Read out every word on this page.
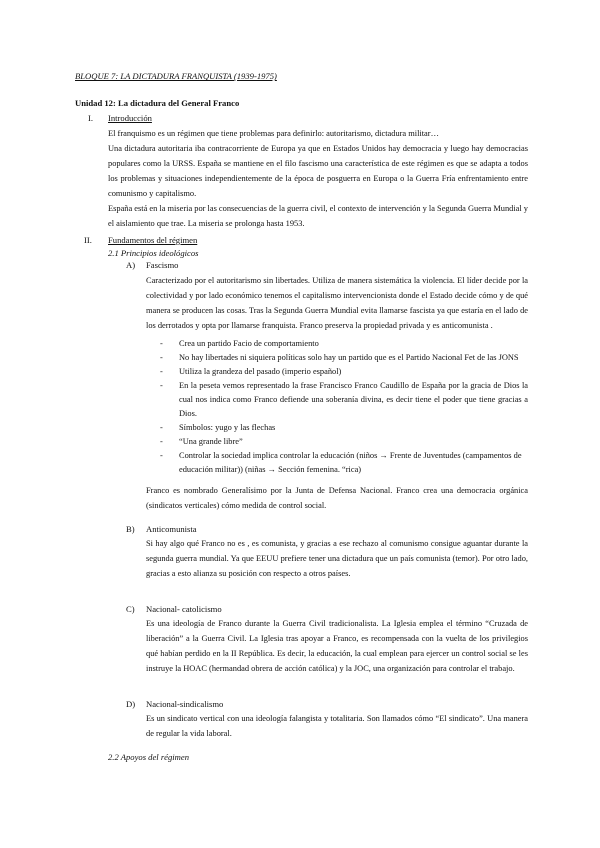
BLOQUE 7: LA DICTADURA FRANQUISTA (1939-1975)
Unidad 12: La dictadura del General Franco
I. Introducción

El franquismo es un régimen que tiene problemas para definirlo: autoritarismo, dictadura militar…

Una dictadura autoritaria iba contracorriente de Europa ya que en Estados Unidos hay democracia y luego hay democracias populares como la URSS. España se mantiene en el filo fascismo una característica de este régimen es que se adapta a todos los problemas y situaciones independientemente de la época de posguerra en Europa o la Guerra Fría enfrentamiento entre comunismo y capitalismo.

España está en la miseria por las consecuencias de la guerra civil, el contexto de intervención y la Segunda Guerra Mundial y el aislamiento que trae. La miseria se prolonga hasta 1953.

II. Fundamentos del régimen
2.1 Principios ideológicos
A) Fascismo
Caracterizado por el autoritarismo sin libertades. Utiliza de manera sistemática la violencia. El líder decide por la colectividad y por lado económico tenemos el capitalismo intervencionista donde el Estado decide cómo y de qué manera se producen las cosas. Tras la Segunda Guerra Mundial evita llamarse fascista ya que estaría en el lado de los derrotados y opta por llamarse franquista. Franco preserva la propiedad privada y es anticomunista .
- Crea un partido Facio de comportamiento
- No hay libertades ni siquiera políticas solo hay un partido que es el Partido Nacional Fet de las JONS
- Utiliza la grandeza del pasado (imperio español)
- En la peseta vemos representado la frase Francisco Franco Caudillo de España por la gracia de Dios la cual nos indica como Franco defiende una soberanía divina, es decir tiene el poder que tiene gracias a Dios.
- Símbolos: yugo y las flechas
- “Una grande libre”
- Controlar la sociedad implica controlar la educación (niños → Frente de Juventudes (campamentos de educación militar)) (niñas → Sección femenina. “rica)
Franco es nombrado Generalísimo por la Junta de Defensa Nacional. Franco crea una democracia orgánica (sindicatos verticales) cómo medida de control social.
B) Anticomunista
Si hay algo qué Franco no es , es comunista, y gracias a ese rechazo al comunismo consigue aguantar durante la segunda guerra mundial. Ya que EEUU prefiere tener una dictadura que un país comunista (temor). Por otro lado, gracias a esto alianza su posición con respecto a otros países.
C) Nacional- catolicismo
Es una ideología de Franco durante la Guerra Civil tradicionalista. La Iglesia emplea el término “Cruzada de liberación” a la Guerra Civil. La Iglesia tras apoyar a Franco, es recompensada con la vuelta de los privilegios qué habían perdido en la II República. Es decir, la educación, la cual emplean para ejercer un control social se les instruye la HOAC (hermandad obrera de acción católica) y la JOC, una organización para controlar el trabajo.
D) Nacional-sindicalismo
Es un sindicato vertical con una ideología falangista y totalitaria. Son llamados cómo “El sindicato”. Una manera de regular la vida laboral.
2.2 Apoyos del régimen
